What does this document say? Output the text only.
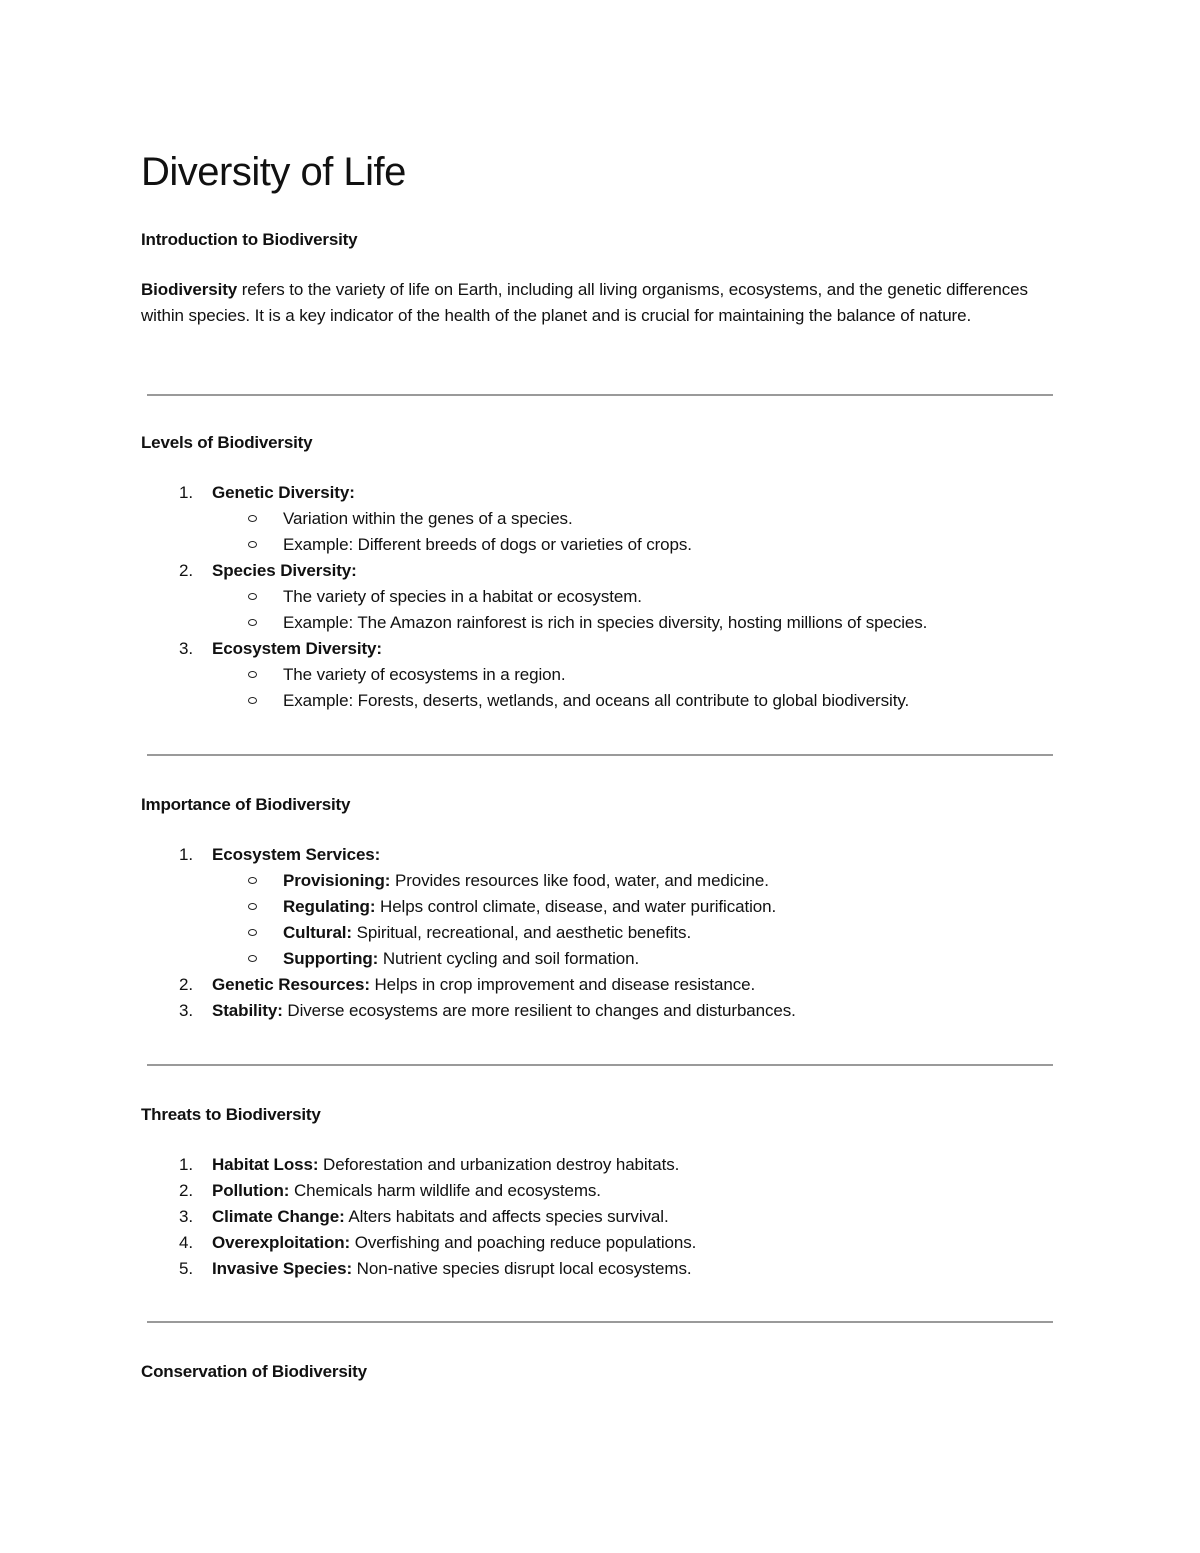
Diversity of Life
Introduction to Biodiversity

Biodiversity refers to the variety of life on Earth, including all living organisms, ecosystems, and the genetic differences within species. It is a key indicator of the health of the planet and is crucial for maintaining the balance of nature.

Levels of Biodiversity
1. Genetic Diversity:
Variation within the genes of a species.
Example: Different breeds of dogs or varieties of crops.
2. Species Diversity:
The variety of species in a habitat or ecosystem.
Example: The Amazon rainforest is rich in species diversity, hosting millions of species.
3. Ecosystem Diversity:
The variety of ecosystems in a region.
Example: Forests, deserts, wetlands, and oceans all contribute to global biodiversity.
Importance of Biodiversity
1. Ecosystem Services:
Provisioning: Provides resources like food, water, and medicine.
Regulating: Helps control climate, disease, and water purification.
Cultural: Spiritual, recreational, and aesthetic benefits.
Supporting: Nutrient cycling and soil formation.
2. Genetic Resources: Helps in crop improvement and disease resistance.
3. Stability: Diverse ecosystems are more resilient to changes and disturbances.
Threats to Biodiversity
1. Habitat Loss: Deforestation and urbanization destroy habitats.
2. Pollution: Chemicals harm wildlife and ecosystems.
3. Climate Change: Alters habitats and affects species survival.
4. Overexploitation: Overfishing and poaching reduce populations.
5. Invasive Species: Non-native species disrupt local ecosystems.
Conservation of Biodiversity
